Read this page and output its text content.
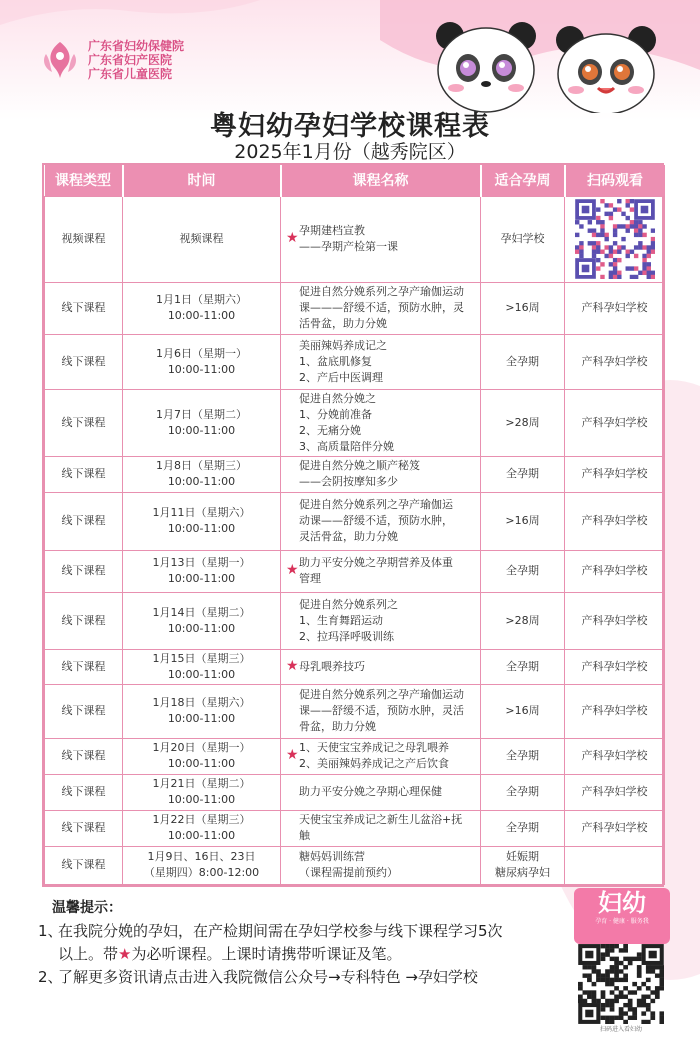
广东省妇幼保健院
广东省妇产医院
广东省儿童医院
粤妇幼孕妇学校课程表
2025年1月份（越秀院区）
课程类型	时间	课程名称	适合孕周	扫码观看
视频课程	视频课程	★ 孕期建档宣教
——孕期产检第一课	孕妇学校

线下课程	1月1日（星期六）
10:00-11:00	促进自然分娩系列之孕产瑜伽运动
课———舒缓不适，预防水肿，灵
活骨盆，助力分娩	>16周	产科孕妇学校
线下课程	1月6日（星期一）
10:00-11:00	美丽辣妈养成记之
1、盆底肌修复
2、产后中医调理	全孕期	产科孕妇学校
线下课程	1月7日（星期二）
10:00-11:00	促进自然分娩之
1、分娩前准备
2、无痛分娩
3、高质量陪伴分娩	>28周	产科孕妇学校
线下课程	1月8日（星期三）
10:00-11:00	促进自然分娩之顺产秘笈
——会阴按摩知多少	全孕期	产科孕妇学校
线下课程	1月11日（星期六）
10:00-11:00	促进自然分娩系列之孕产瑜伽运
动课——舒缓不适，预防水肿，
灵活骨盆，助力分娩	>16周	产科孕妇学校
线下课程	1月13日（星期一）
10:00-11:00	★ 助力平安分娩之孕期营养及体重
管理	全孕期	产科孕妇学校
线下课程	1月14日（星期二）
10:00-11:00	促进自然分娩系列之
1、生育舞蹈运动
2、拉玛泽呼吸训练	>28周	产科孕妇学校
线下课程	1月15日（星期三）
10:00-11:00	★ 母乳喂养技巧	全孕期	产科孕妇学校
线下课程	1月18日（星期六）
10:00-11:00	促进自然分娩系列之孕产瑜伽运动
课——舒缓不适，预防水肿，灵活
骨盆，助力分娩	>16周	产科孕妇学校
线下课程	1月20日（星期一）
10:00-11:00	★ 1、天使宝宝养成记之母乳喂养
2、美丽辣妈养成记之产后饮食	全孕期	产科孕妇学校
线下课程	1月21日（星期二）
10:00-11:00	助力平安分娩之孕期心理保健	全孕期	产科孕妇学校
线下课程	1月22日（星期三）
10:00-11:00	天使宝宝养成记之新生儿盆浴+抚
触	全孕期	产科孕妇学校
线下课程	1月9日、16日、23日
（星期四）8:00-12:00	糖妈妈训练营
（课程需提前预约）	妊娠期
糖尿病孕妇	

温馨提示：
1、
在我院分娩的孕妇，在产检期间需在孕妇学校参与线下课程学习5次
以上。带★为必听课程。上课时请携带听课证及笔。
2、
了解更多资讯请点击进入我院微信公众号→专科特色 →孕妇学校
妇幼
孕育 · 健康 · 服务我
扫码进入看妇幼
